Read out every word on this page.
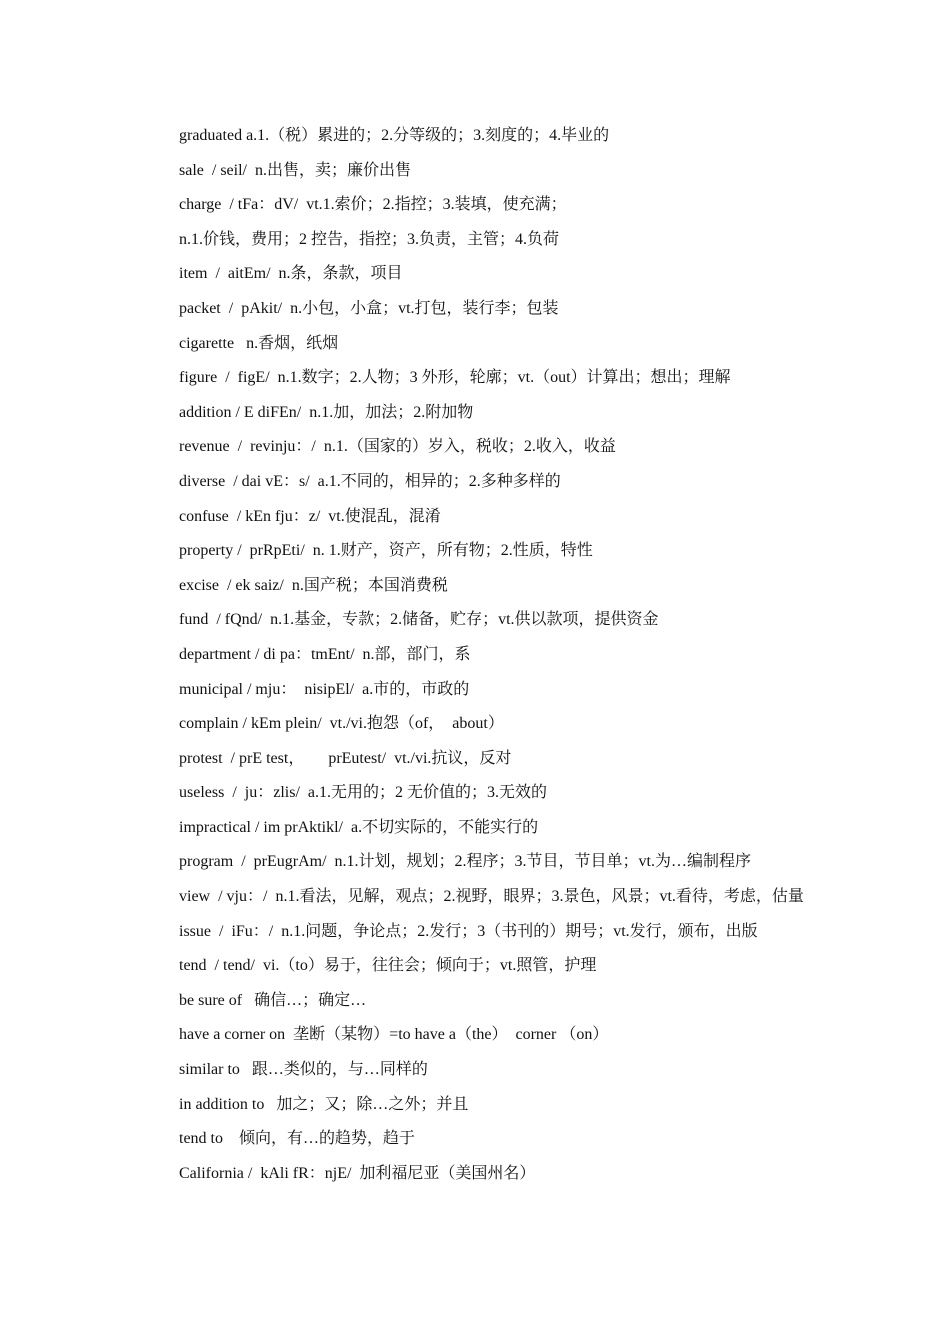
graduated a.1.（税）累进的；2.分等级的；3.刻度的；4.毕业的
sale  / seil/  n.出售，卖；廉价出售
charge  / tFa：dV/  vt.1.索价；2.指控；3.装填，使充满；
n.1.价钱，费用；2 控告，指控；3.负责，主管；4.负荷
item  /  aitEm/  n.条，条款，项目
packet  /  pAkit/  n.小包，小盒；vt.打包，装行李；包装
cigarette   n.香烟，纸烟
figure  /  figE/  n.1.数字；2.人物；3 外形，轮廓；vt.（out）计算出；想出；理解
addition / E diFEn/  n.1.加，加法；2.附加物
revenue  /  revinju：/  n.1.（国家的）岁入，税收；2.收入，收益
diverse  / dai vE：s/  a.1.不同的，相异的；2.多种多样的
confuse  / kEn fju：z/  vt.使混乱，混淆
property /  prRpEti/  n. 1.财产，资产，所有物；2.性质，特性
excise  / ek saiz/  n.国产税；本国消费税
fund  / fQnd/  n.1.基金，专款；2.储备，贮存；vt.供以款项，提供资金
department / di pa：tmEnt/  n.部，部门，系
municipal / mju：  nisipEl/  a.市的，市政的
complain / kEm plein/  vt./vi.抱怨（of，  about）
protest  / prE test，      prEutest/  vt./vi.抗议，反对
useless  /  ju：zlis/  a.1.无用的；2 无价值的；3.无效的
impractical / im prAktikl/  a.不切实际的，不能实行的
program  /  prEugrAm/  n.1.计划，规划；2.程序；3.节目，节目单；vt.为…编制程序
view  / vju：/  n.1.看法，见解，观点；2.视野，眼界；3.景色，风景；vt.看待，考虑，估量
issue  /  iFu：/  n.1.问题，争论点；2.发行；3（书刊的）期号；vt.发行，颁布，出版
tend  / tend/  vi.（to）易于，往往会；倾向于；vt.照管，护理
be sure of   确信…；确定…
have a corner on  垄断（某物）=to have a（the）  corner （on）
similar to   跟…类似的，与…同样的
in addition to   加之；又；除…之外；并且
tend to    倾向，有…的趋势，趋于
California /  kAli fR：njE/  加利福尼亚（美国州名）
